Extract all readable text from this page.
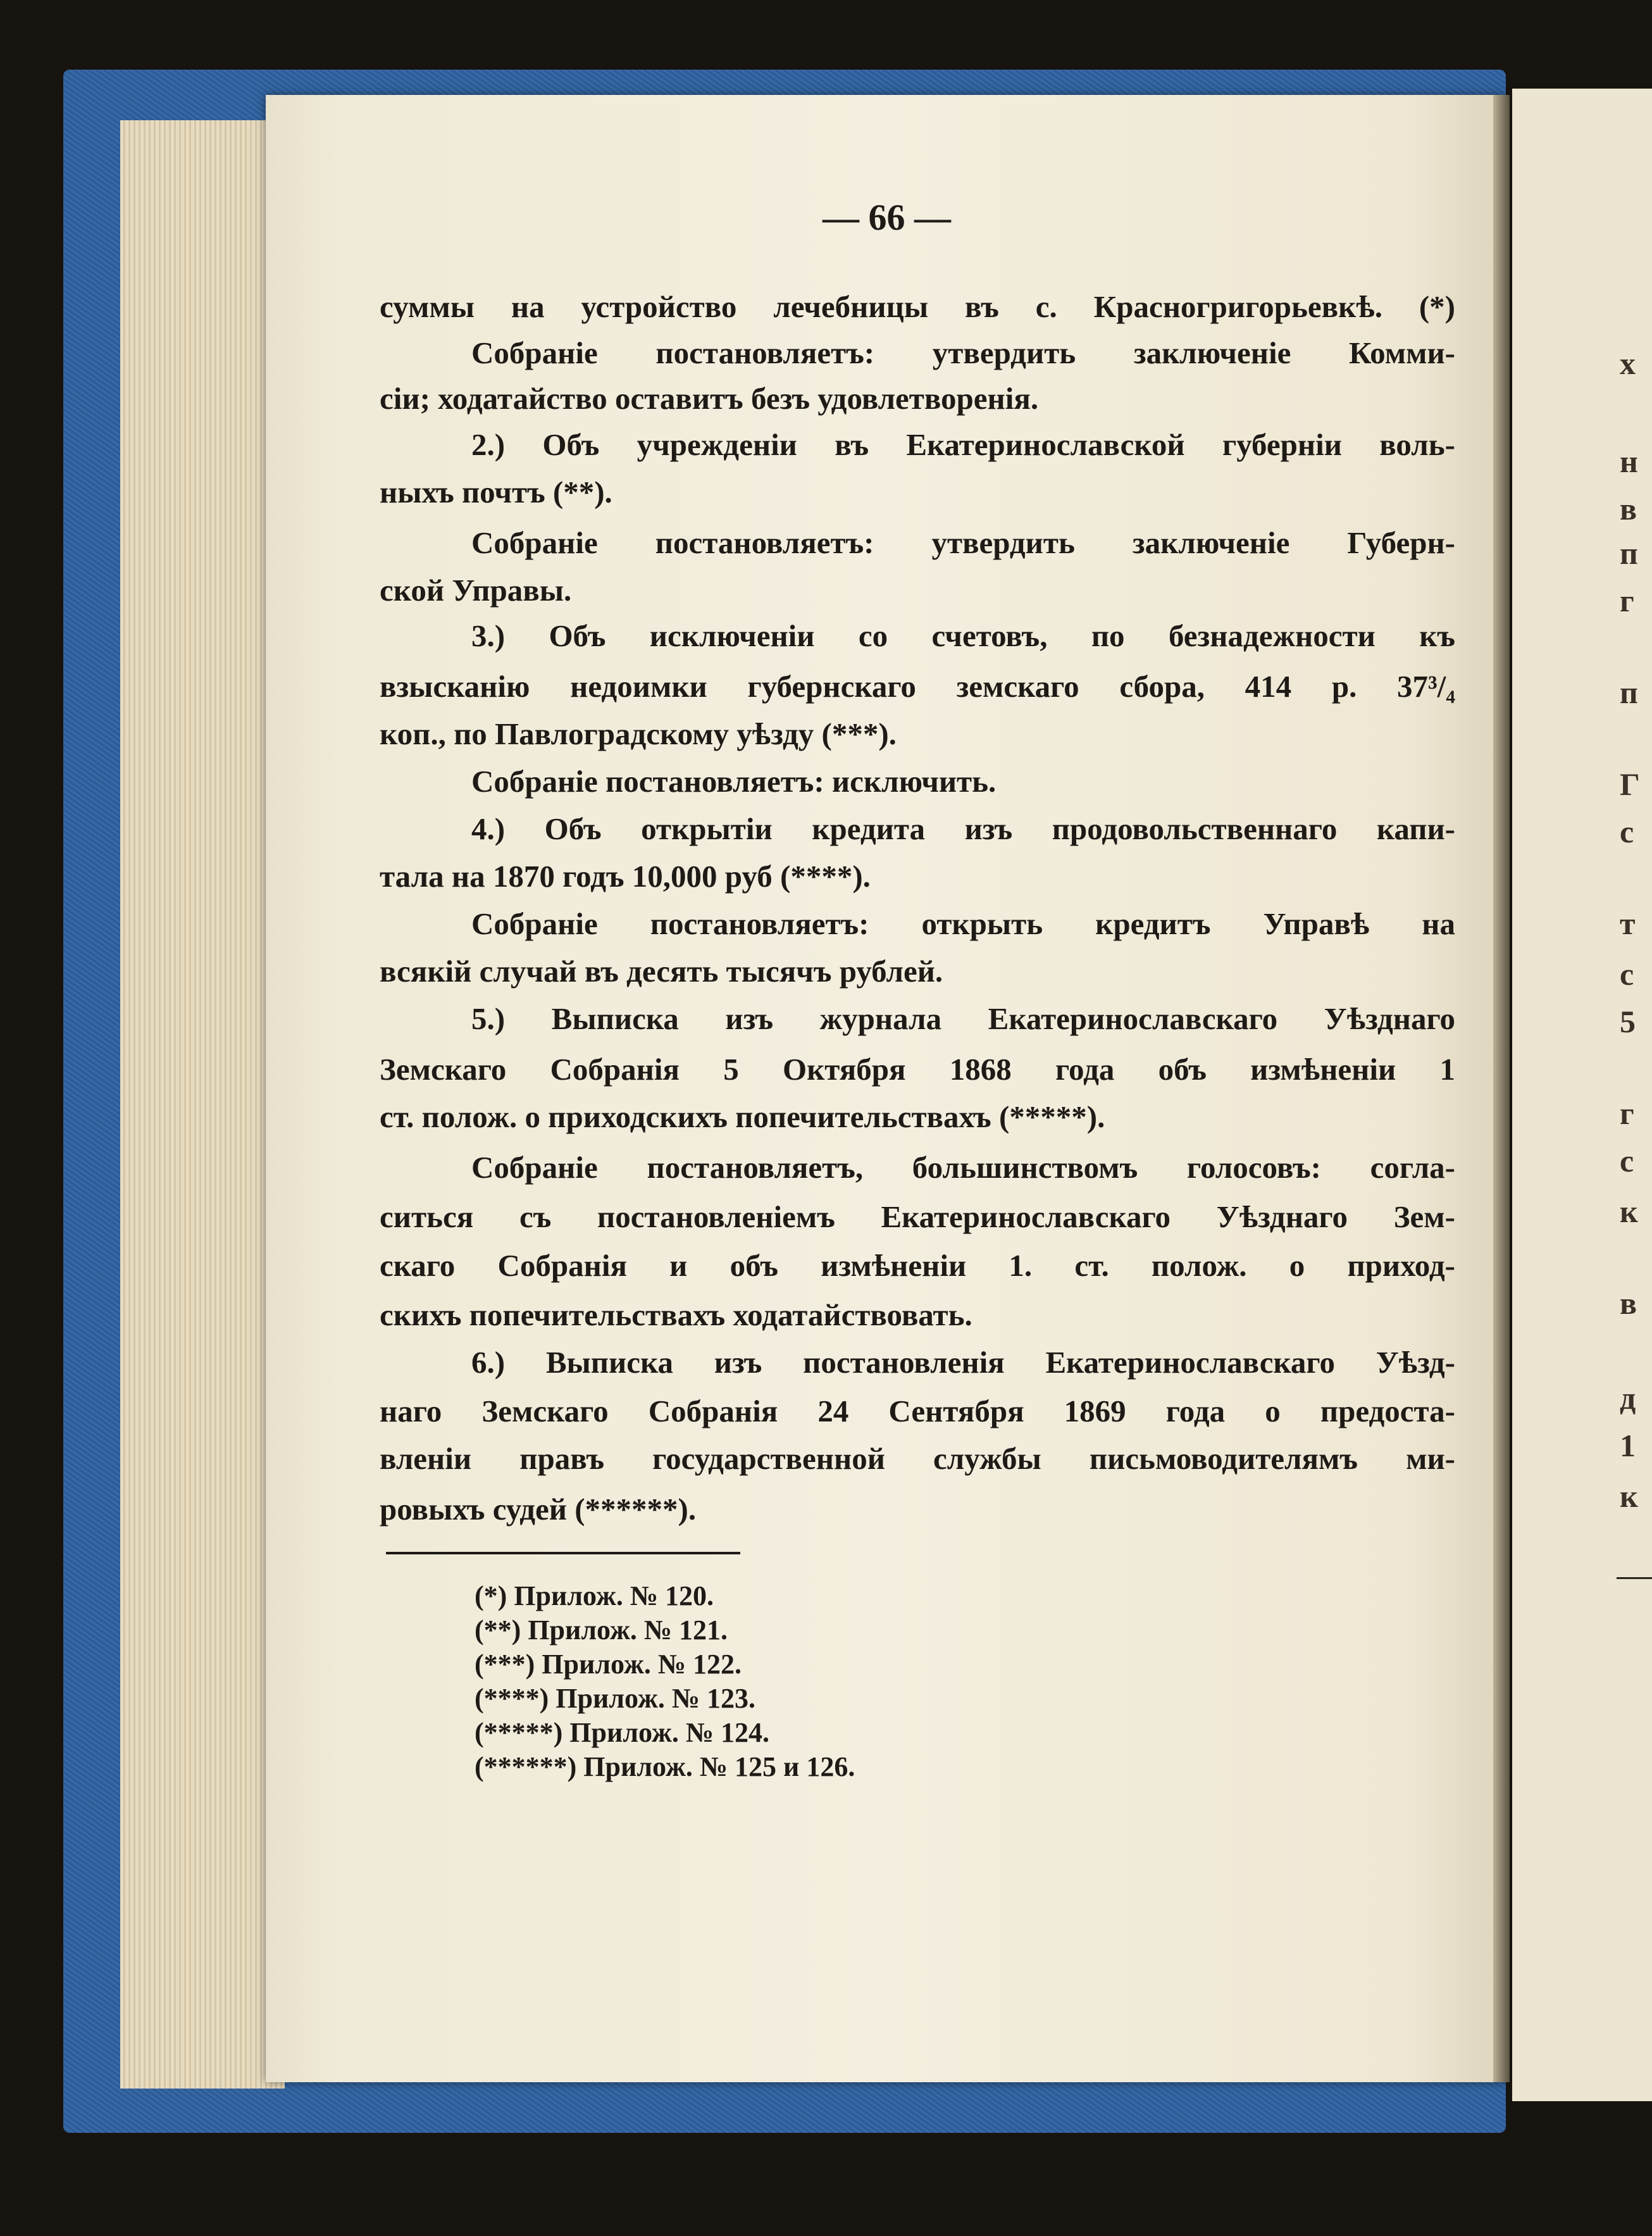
— 66 —

суммы на устройство лечебницы въ с. Красногригорьевкѣ. (*)

Собраніе постановляетъ: утвердить заключеніе Комми-

сіи; ходатайство оставитъ безъ удовлетворенія.

2.) Объ учрежденіи въ Екатеринославской губерніи воль-

ныхъ почтъ (**).

Собраніе постановляетъ: утвердить заключеніе Губерн-

ской Управы.

3.) Объ исключеніи со счетовъ, по безнадежности къ

взысканію недоимки губернскаго земскаго сбора, 414 р. 37³/₄

коп., по Павлоградскому уѣзду (***).

Собраніе постановляетъ: исключить.

4.) Объ открытіи кредита изъ продовольственнаго капи-

тала на 1870 годъ 10,000 руб (****).

Собраніе постановляетъ: открыть кредитъ Управѣ на

всякій случай въ десять тысячъ рублей.

5.) Выписка изъ журнала Екатеринославскаго Уѣзднаго

Земскаго Собранія 5 Октября 1868 года объ измѣненіи 1

ст. полож. о приходскихъ попечительствахъ (*****).

Собраніе постановляетъ, большинствомъ голосовъ: согла-

ситься съ постановленіемъ Екатеринославскаго Уѣзднаго Зем-

скаго Собранія и объ измѣненіи 1. ст. полож. о приход-

скихъ попечительствахъ ходатайствовать.

6.) Выписка изъ постановленія Екатеринославскаго Уѣзд-

наго Земскаго Собранія 24 Сентября 1869 года о предоста-

вленіи правъ государственной службы письмоводителямъ ми-

ровыхъ судей (******).

(*) Прилож. № 120.
(**) Прилож. № 121.
(***) Прилож. № 122.
(****) Прилож. № 123.
(*****) Прилож. № 124.
(******) Прилож. № 125 и 126.
х
н
в
п
г
п
Г
с
т
с
5
г
с
к
в
д
1
к
